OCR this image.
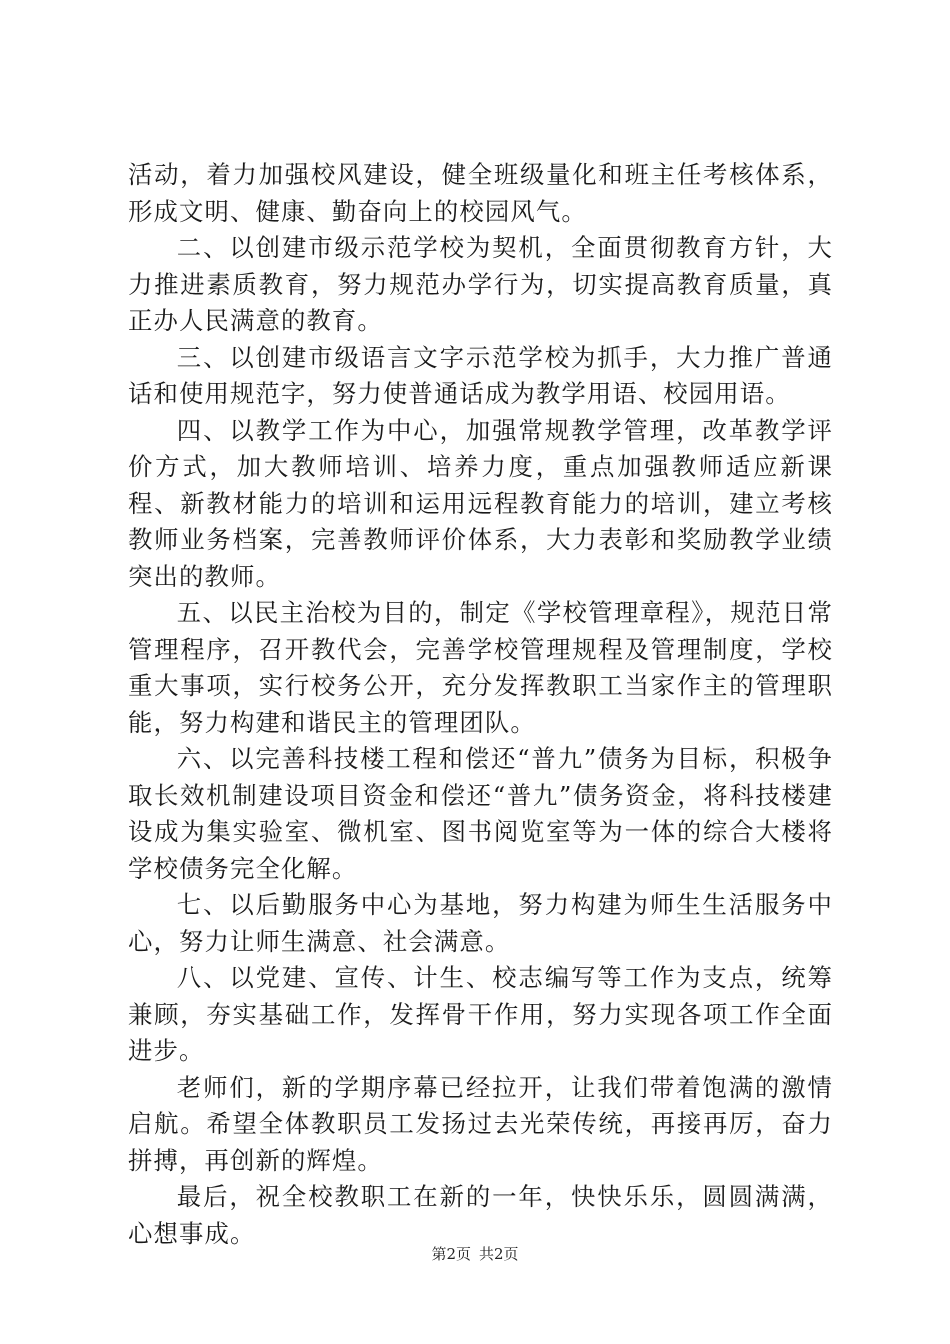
活动，着力加强校风建设，健全班级量化和班主任考核体系，形成文明、健康、勤奋向上的校园风气。

二、以创建市级示范学校为契机，全面贯彻教育方针，大力推进素质教育，努力规范办学行为，切实提高教育质量，真正办人民满意的教育。

三、以创建市级语言文字示范学校为抓手，大力推广普通话和使用规范字，努力使普通话成为教学用语、校园用语。

四、以教学工作为中心，加强常规教学管理，改革教学评价方式，加大教师培训、培养力度，重点加强教师适应新课程、新教材能力的培训和运用远程教育能力的培训，建立考核教师业务档案，完善教师评价体系，大力表彰和奖励教学业绩突出的教师。

五、以民主治校为目的，制定《学校管理章程》，规范日常管理程序，召开教代会，完善学校管理规程及管理制度，学校重大事项，实行校务公开，充分发挥教职工当家作主的管理职能，努力构建和谐民主的管理团队。

六、以完善科技楼工程和偿还“普九”债务为目标，积极争取长效机制建设项目资金和偿还“普九”债务资金，将科技楼建设成为集实验室、微机室、图书阅览室等为一体的综合大楼将学校债务完全化解。

七、以后勤服务中心为基地，努力构建为师生生活服务中心，努力让师生满意、社会满意。

八、以党建、宣传、计生、校志编写等工作为支点，统筹兼顾，夯实基础工作，发挥骨干作用，努力实现各项工作全面进步。

老师们，新的学期序幕已经拉开，让我们带着饱满的激情启航。希望全体教职员工发扬过去光荣传统，再接再厉，奋力拼搏，再创新的辉煌。

最后，祝全校教职工在新的一年，快快乐乐，圆圆满满，心想事成。

第2页 共2页
